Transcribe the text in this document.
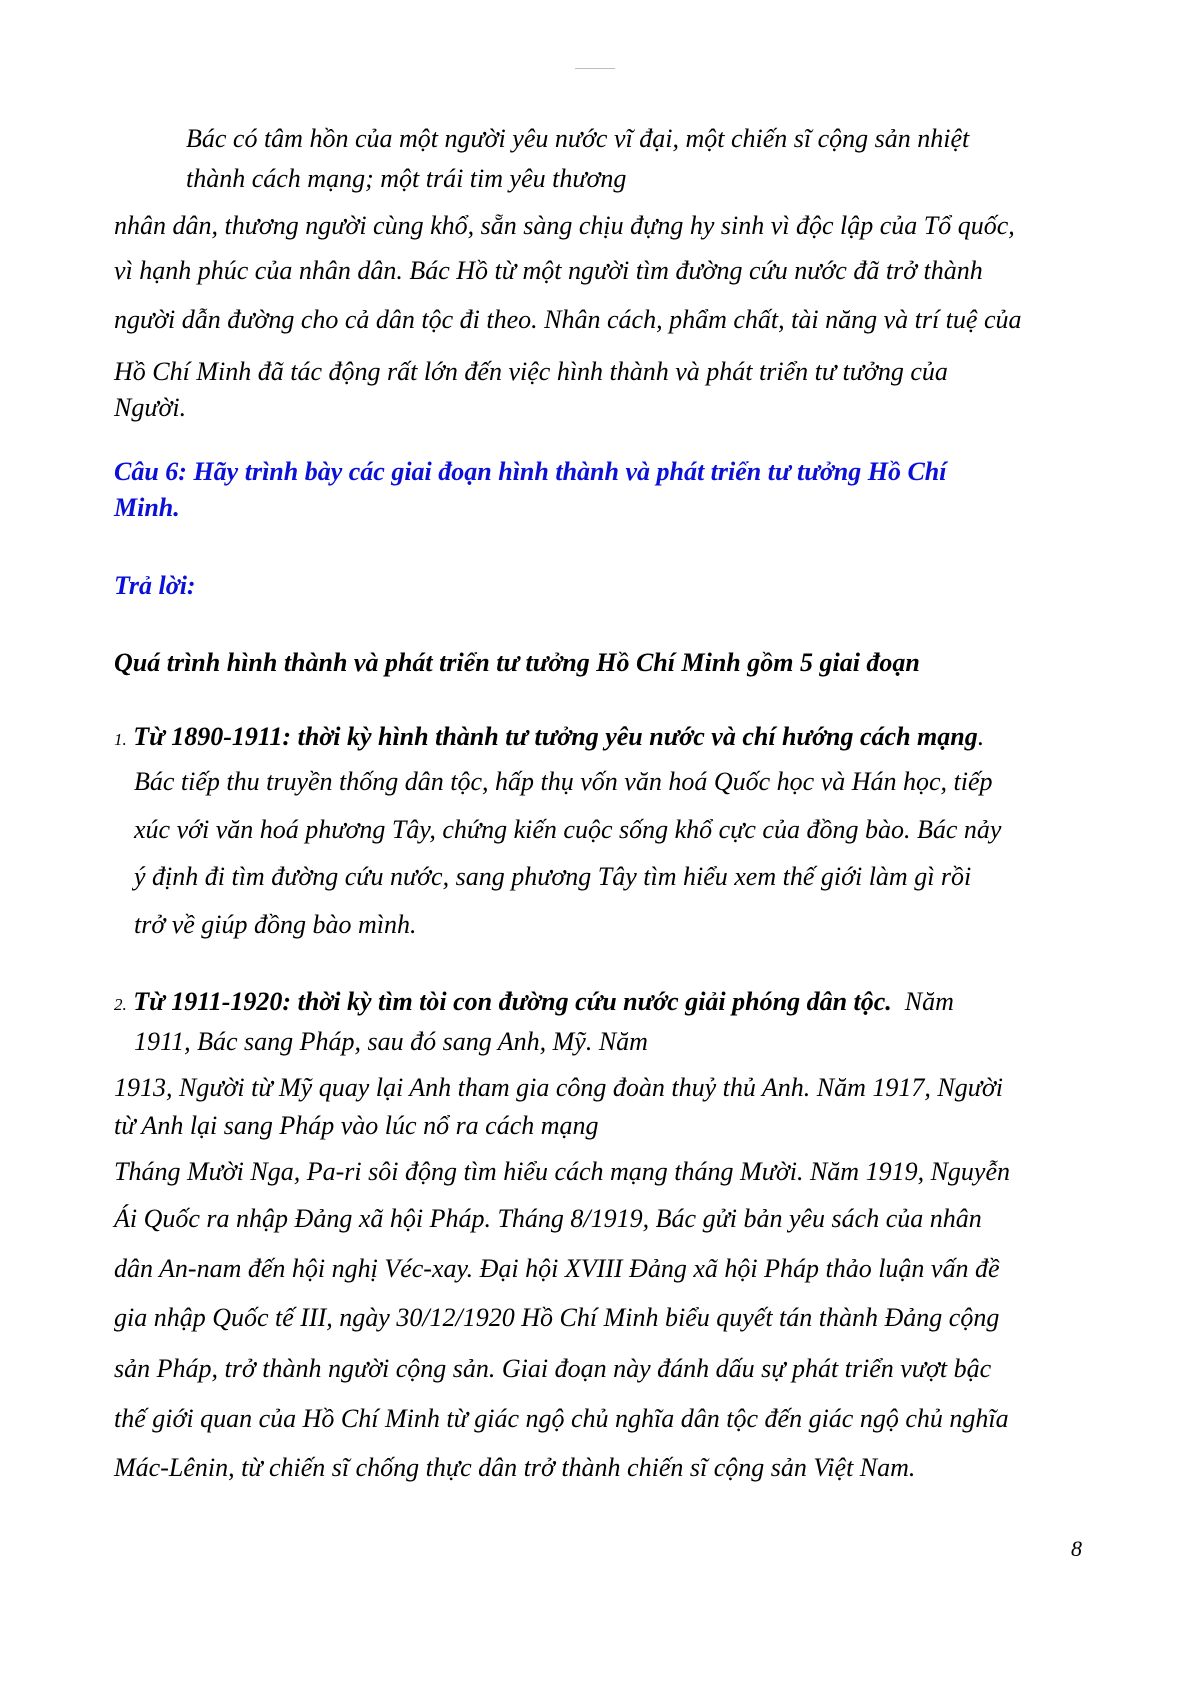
Bác có tâm hồn của một người yêu nước vĩ đại, một chiến sĩ cộng sản nhiệt
thành cách mạng; một trái tim yêu thương
nhân dân, thương người cùng khổ, sẵn sàng chịu đựng hy sinh vì độc lập của Tổ quốc,
vì hạnh phúc của nhân dân. Bác Hồ từ một người tìm đường cứu nước đã trở thành
người dẫn đường cho cả dân tộc đi theo. Nhân cách, phẩm chất, tài năng và trí tuệ của
Hồ Chí Minh đã tác động rất lớn đến việc hình thành và phát triển tư tưởng của
Người.
Câu 6: Hãy trình bày các giai đoạn hình thành và phát triển tư tưởng Hồ Chí
Minh.
Trả lời:
Quá trình hình thành và phát triển tư tưởng Hồ Chí Minh gồm 5 giai đoạn
1. Từ 1890-1911: thời kỳ hình thành tư tưởng yêu nước và chí hướng cách mạng.
Bác tiếp thu truyền thống dân tộc, hấp thụ vốn văn hoá Quốc học và Hán học, tiếp
xúc với văn hoá phương Tây, chứng kiến cuộc sống khổ cực của đồng bào. Bác nảy
ý định đi tìm đường cứu nước, sang phương Tây tìm hiểu xem thế giới làm gì rồi
trở về giúp đồng bào mình.
2. Từ 1911-1920: thời kỳ tìm tòi con đường cứu nước giải phóng dân tộc.  Năm
1911, Bác sang Pháp, sau đó sang Anh, Mỹ. Năm
1913, Người từ Mỹ quay lại Anh tham gia công đoàn thuỷ thủ Anh. Năm 1917, Người
từ Anh lại sang Pháp vào lúc nổ ra cách mạng
Tháng Mười Nga, Pa-ri sôi động tìm hiểu cách mạng tháng Mười. Năm 1919, Nguyễn
Ái Quốc ra nhập Đảng xã hội Pháp. Tháng 8/1919, Bác gửi bản yêu sách của nhân
dân An-nam đến hội nghị Véc-xay. Đại hội XVIII Đảng xã hội Pháp thảo luận vấn đề
gia nhập Quốc tế III, ngày 30/12/1920 Hồ Chí Minh biểu quyết tán thành Đảng cộng
sản Pháp, trở thành người cộng sản. Giai đoạn này đánh dấu sự phát triển vượt bậc
thế giới quan của Hồ Chí Minh từ giác ngộ chủ nghĩa dân tộc đến giác ngộ chủ nghĩa
Mác-Lênin, từ chiến sĩ chống thực dân trở thành chiến sĩ cộng sản Việt Nam.
8
